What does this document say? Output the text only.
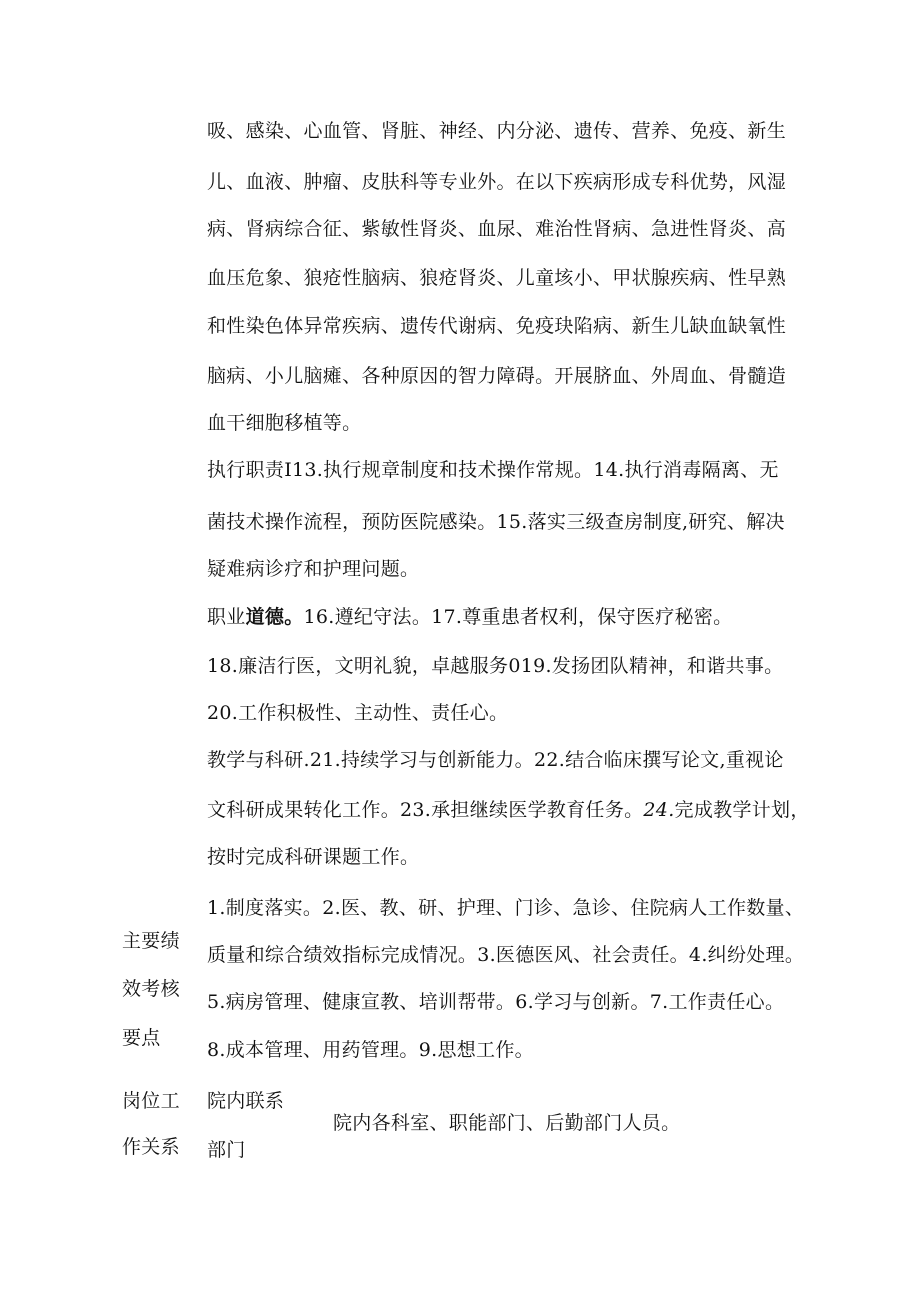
吸、感染、心血管、肾脏、神经、内分泌、遗传、营养、免疫、新生
儿、血液、肿瘤、皮肤科等专业外。在以下疾病形成专科优势，风湿
病、肾病综合征、紫敏性肾炎、血尿、难治性肾病、急进性肾炎、高
血压危象、狼疮性脑病、狼疮肾炎、儿童垓小、甲状腺疾病、性早熟
和性染色体异常疾病、遗传代谢病、免疫玦陷病、新生儿缺血缺氧性
脑病、小儿脑瘫、各种原因的智力障碍。开展脐血、外周血、骨髓造
血干细胞移植等。
执行职责I13.执行规章制度和技术操作常规。14.执行消毒隔离、无
菌技术操作流程，预防医院感染。15.落实三级查房制度,研究、解决
疑难病诊疗和护理问题。
职业道德。16.遵纪守法。17.尊重患者权利，保守医疗秘密。
18.廉洁行医，文明礼貌，卓越服务019.发扬团队精神，和谐共事。
20.工作积极性、主动性、责任心。
教学与科研.21.持续学习与创新能力。22.结合临床撰写论文,重视论
文科研成果转化工作。23.承担继续医学教育任务。24.完成教学计划，
按时完成科研课题工作。
主要绩
效考核
要点
1.制度落实。2.医、教、研、护理、门诊、急诊、住院病人工作数量、
质量和综合绩效指标完成情况。3.医德医风、社会责任。4.纠纷处理。
5.病房管理、健康宣教、培训帮带。6.学习与创新。7.工作责任心。
8.成本管理、用药管理。9.思想工作。
岗位工
作关系
院内联系
部门
院内各科室、职能部门、后勤部门人员。
